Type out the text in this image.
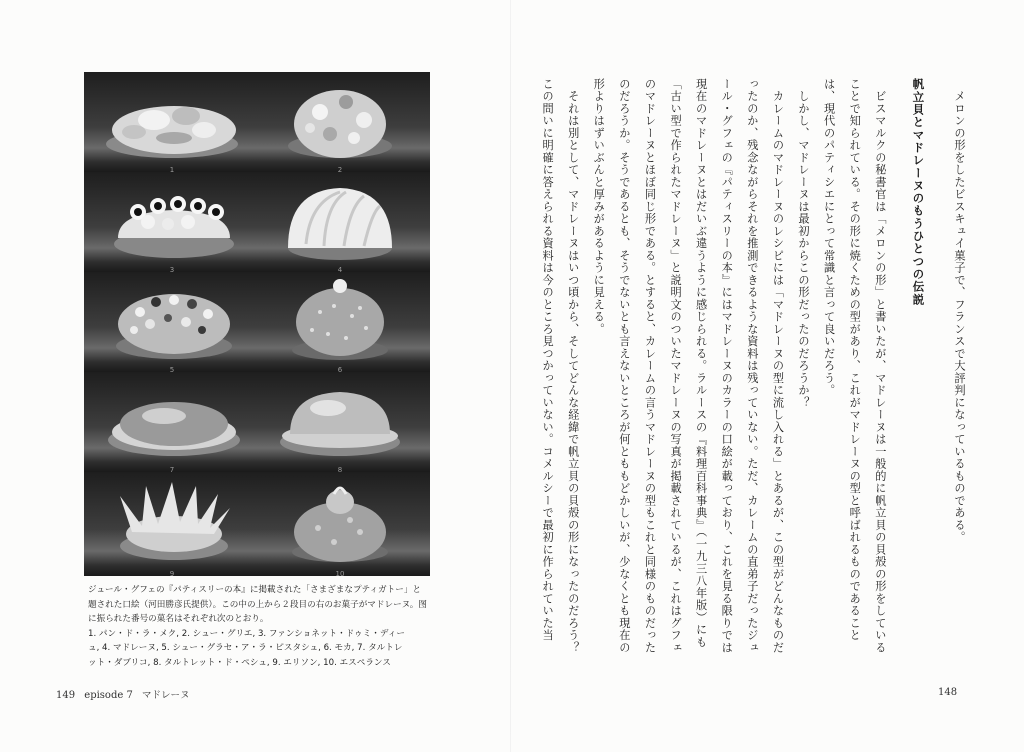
1	2
3	4
5	6
7	8
9	10
ジュール・グフェの『パティスリーの本』に掲載された「さまざまなプティガトー」と
題された口絵（河田勝彦氏提供）。この中の上から２段目の右のお菓子がマドレーヌ。图
に振られた番号の菓名はそれぞれ次のとおり。
1. パン・ド・ラ・メク, 2. シュー・グリエ, 3. ファンショネット・ドゥミ・ディー
ュ, 4. マドレーヌ, 5. シュー・グラセ・ア・ラ・ピスタシュ, 6. モカ, 7. タルトレ
ット・ダブリコ, 8. タルトレット・ド・ペシュ, 9. エリソン, 10. エスペランス
149 episode 7 マドレーヌ
　メロンの形をしたビスキュイ菓子で、フランスで大評判になっているものである。
帆立貝とマドレーヌのもうひとつの伝説
　ビスマルクの秘書官は「メロンの形」と書いたが、マドレーヌは一般的に帆立貝の貝殻の形をしていることで知られている。その形に焼くための型があり、これがマドレーヌの型と呼ばれるものであることは、現代のパティシエにとって常識と言って良いだろう。
　しかし、マドレーヌは最初からこの形だったのだろうか？
　カレームのマドレーヌのレシピには「マドレーヌの型に流し入れる」とあるが、この型がどんなものだったのか、残念ながらそれを推測できるような資料は残っていない。ただ、カレームの直弟子だったジュール・グフェの『パティスリーの本』にはマドレーヌのカラーの口絵が載っており、これを見る限りでは現在のマドレーヌとはだいぶ違うように感じられる。ラルースの『料理百科事典』（一九三八年版）にも「古い型で作られたマドレーヌ」と説明文のついたマドレーヌの写真が掲載されているが、これはグフェのマドレーヌとほぼ同じ形である。とすると、カレームの言うマドレーヌの型もこれと同様のものだったのだろうか。そうであるとも、そうでないとも言えないところが何とももどかしいが、少なくとも現在の形よりはずいぶんと厚みがあるように見える。
　それは別として、マドレーヌはいつ頃から、そしてどんな経緯で帆立貝の貝殻の形になったのだろう？　この問いに明確に答えられる資料は今のところ見つかっていない。コメルシーで最初に作られていた当
148
